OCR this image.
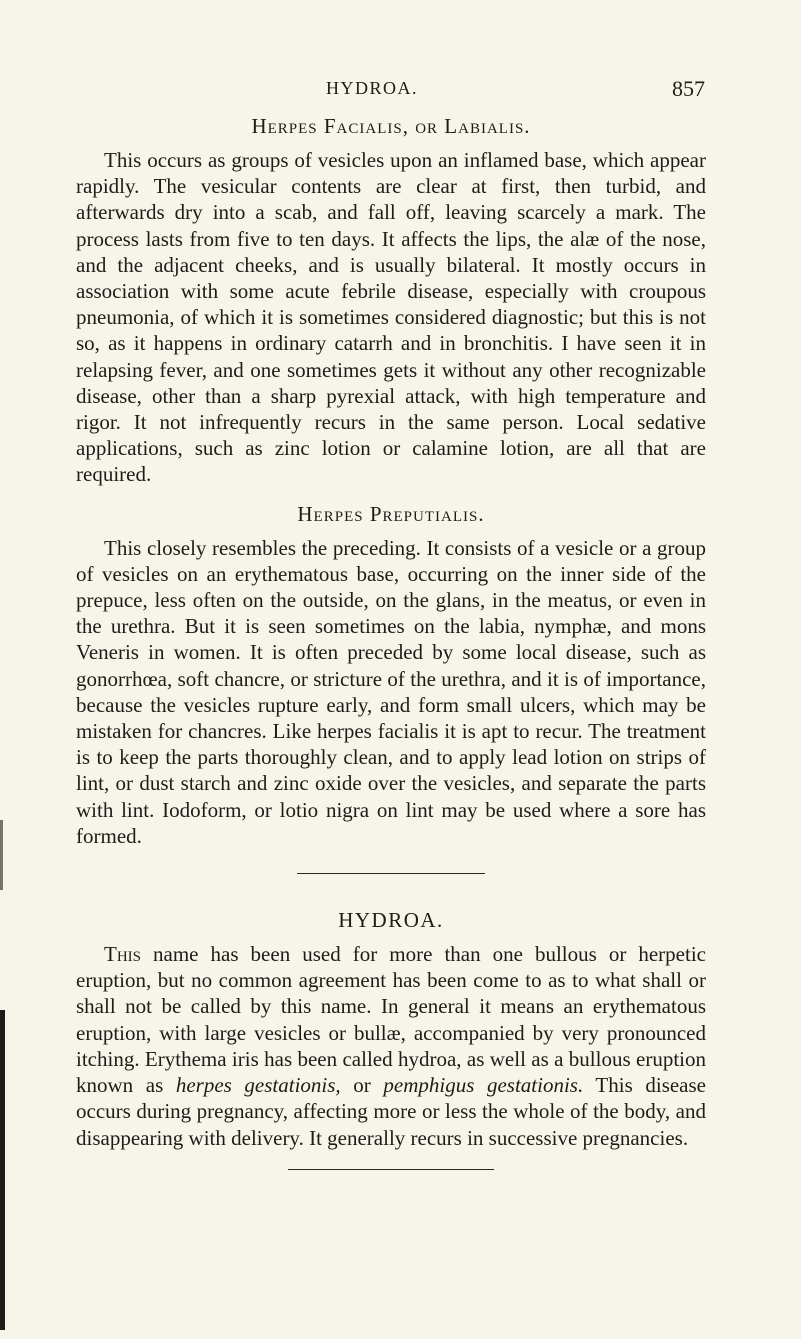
HYDROA.	857
Herpes Facialis, or Labialis.

This occurs as groups of vesicles upon an inflamed base, which appear rapidly. The vesicular contents are clear at first, then turbid, and afterwards dry into a scab, and fall off, leaving scarcely a mark. The process lasts from five to ten days. It affects the lips, the alæ of the nose, and the adjacent cheeks, and is usually bilateral. It mostly occurs in association with some acute febrile disease, especially with croupous pneumonia, of which it is sometimes considered diagnostic; but this is not so, as it happens in ordinary catarrh and in bronchitis. I have seen it in relapsing fever, and one sometimes gets it without any other recognizable disease, other than a sharp pyrexial attack, with high temperature and rigor. It not infrequently recurs in the same person. Local sedative applications, such as zinc lotion or calamine lotion, are all that are required.

Herpes Preputialis.

This closely resembles the preceding. It consists of a vesicle or a group of vesicles on an erythematous base, occurring on the inner side of the prepuce, less often on the outside, on the glans, in the meatus, or even in the urethra. But it is seen sometimes on the labia, nymphæ, and mons Veneris in women. It is often preceded by some local disease, such as gonorrhœa, soft chancre, or stricture of the urethra, and it is of importance, because the vesicles rupture early, and form small ulcers, which may be mistaken for chancres. Like herpes facialis it is apt to recur. The treatment is to keep the parts thoroughly clean, and to apply lead lotion on strips of lint, or dust starch and zinc oxide over the vesicles, and separate the parts with lint. Iodoform, or lotio nigra on lint may be used where a sore has formed.

HYDROA.

This name has been used for more than one bullous or herpetic eruption, but no common agreement has been come to as to what shall or shall not be called by this name. In general it means an erythematous eruption, with large vesicles or bullæ, accompanied by very pronounced itching. Erythema iris has been called hydroa, as well as a bullous eruption known as herpes gestationis, or pemphigus gestationis. This disease occurs during pregnancy, affecting more or less the whole of the body, and disappearing with delivery. It generally recurs in successive pregnancies.
